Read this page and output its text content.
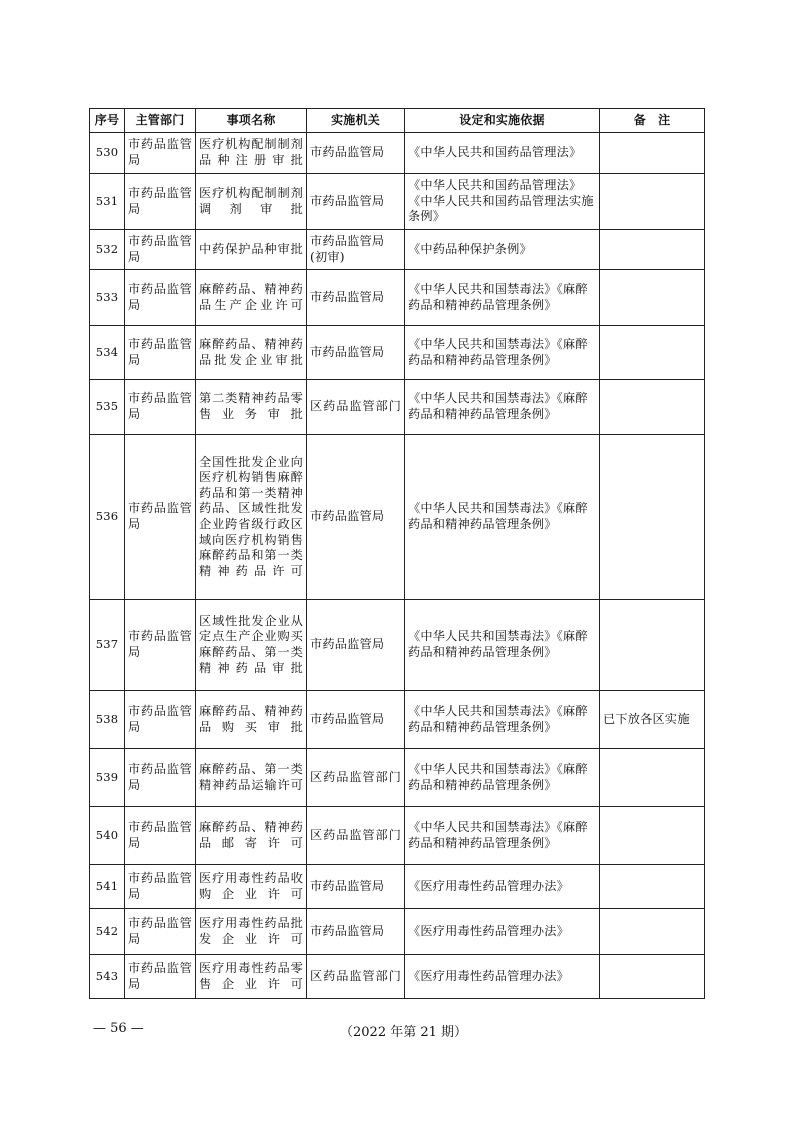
序号	主管部门	事项名称	实施机关	设定和实施依据	备　注
530	市药品监管局	医疗机构配制制剂品种注册审批	市药品监管局	《中华人民共和国药品管理法》	
531	市药品监管局	医疗机构配制制剂调剂审批	市药品监管局	《中华人民共和国药品管理法》《中华人民共和国药品管理法实施条例》	
532	市药品监管局	中药保护品种审批	市药品监管局(初审)	《中药品种保护条例》	
533	市药品监管局	麻醉药品、精神药品生产企业许可	市药品监管局	《中华人民共和国禁毒法》《麻醉药品和精神药品管理条例》	
534	市药品监管局	麻醉药品、精神药品批发企业审批	市药品监管局	《中华人民共和国禁毒法》《麻醉药品和精神药品管理条例》	
535	市药品监管局	第二类精神药品零售业务审批	区药品监管部门	《中华人民共和国禁毒法》《麻醉药品和精神药品管理条例》	
536	市药品监管局	全国性批发企业向医疗机构销售麻醉药品和第一类精神药品、区域性批发企业跨省级行政区域向医疗机构销售麻醉药品和第一类精神药品许可	市药品监管局	《中华人民共和国禁毒法》《麻醉药品和精神药品管理条例》	
537	市药品监管局	区域性批发企业从定点生产企业购买麻醉药品、第一类精神药品审批	市药品监管局	《中华人民共和国禁毒法》《麻醉药品和精神药品管理条例》	
538	市药品监管局	麻醉药品、精神药品购买审批	市药品监管局	《中华人民共和国禁毒法》《麻醉药品和精神药品管理条例》	已下放各区实施
539	市药品监管局	麻醉药品、第一类精神药品运输许可	区药品监管部门	《中华人民共和国禁毒法》《麻醉药品和精神药品管理条例》	
540	市药品监管局	麻醉药品、精神药品邮寄许可	区药品监管部门	《中华人民共和国禁毒法》《麻醉药品和精神药品管理条例》	
541	市药品监管局	医疗用毒性药品收购企业许可	市药品监管局	《医疗用毒性药品管理办法》	
542	市药品监管局	医疗用毒性药品批发企业许可	市药品监管局	《医疗用毒性药品管理办法》	
543	市药品监管局	医疗用毒性药品零售企业许可	区药品监管部门	《医疗用毒性药品管理办法》	
— 56 —	（2022 年第 21 期）
